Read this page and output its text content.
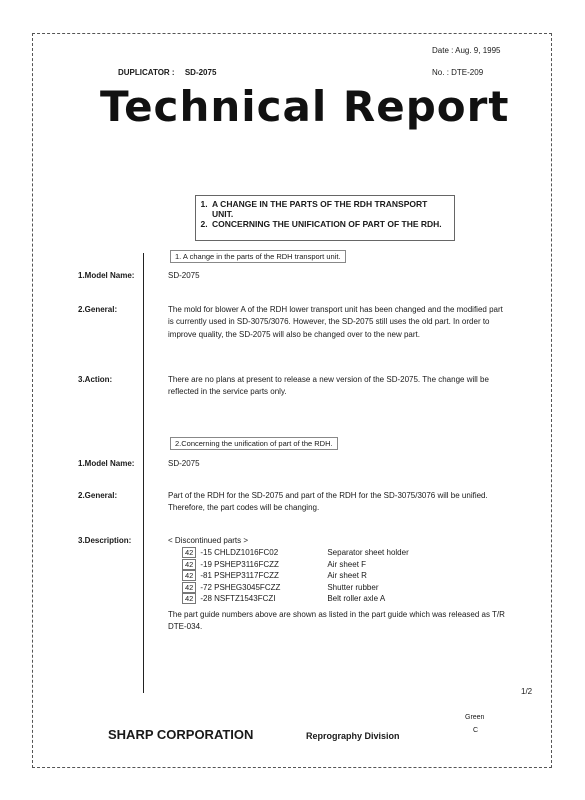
Date : Aug. 9, 1995
No. : DTE-209
DUPLICATOR : SD-2075
Technical Report
1. A CHANGE IN THE PARTS OF THE RDH TRANSPORT UNIT.
2. CONCERNING THE UNIFICATION OF PART OF THE RDH.
1. A change in the parts of the RDH transport unit.
1.Model Name:	SD-2075
2.General:	The mold for blower A of the RDH lower transport unit has been changed and the modified part is currently used in SD-3075/3076. However, the SD-2075 still uses the old part. In order to improve quality, the SD-2075 will also be changed over to the new part.
3.Action:	There are no plans at present to release a new version of the SD-2075. The change will be reflected in the service parts only.
2.Concerning the unification of part of the RDH.
1.Model Name:	SD-2075
2.General:	Part of the RDH for the SD-2075 and part of the RDH for the SD-3075/3076 will be unified. Therefore, the part codes will be changing.
3.Description:	< Discontinued parts >
42 -15 CHLDZ1016FC02	Separator sheet holder
42 -19 PSHEP3116FCZZ	Air sheet F
42 -81 PSHEP3117FCZZ	Air sheet R
42 -72 PSHEG3045FCZZ	Shutter rubber
42 -28 NSFTZ1543FCZI	Belt roller axle A
The part guide numbers above are shown as listed in the part guide which was released as T/R DTE-034.
1/2
Green
C
SHARP CORPORATION	Reprography Division
